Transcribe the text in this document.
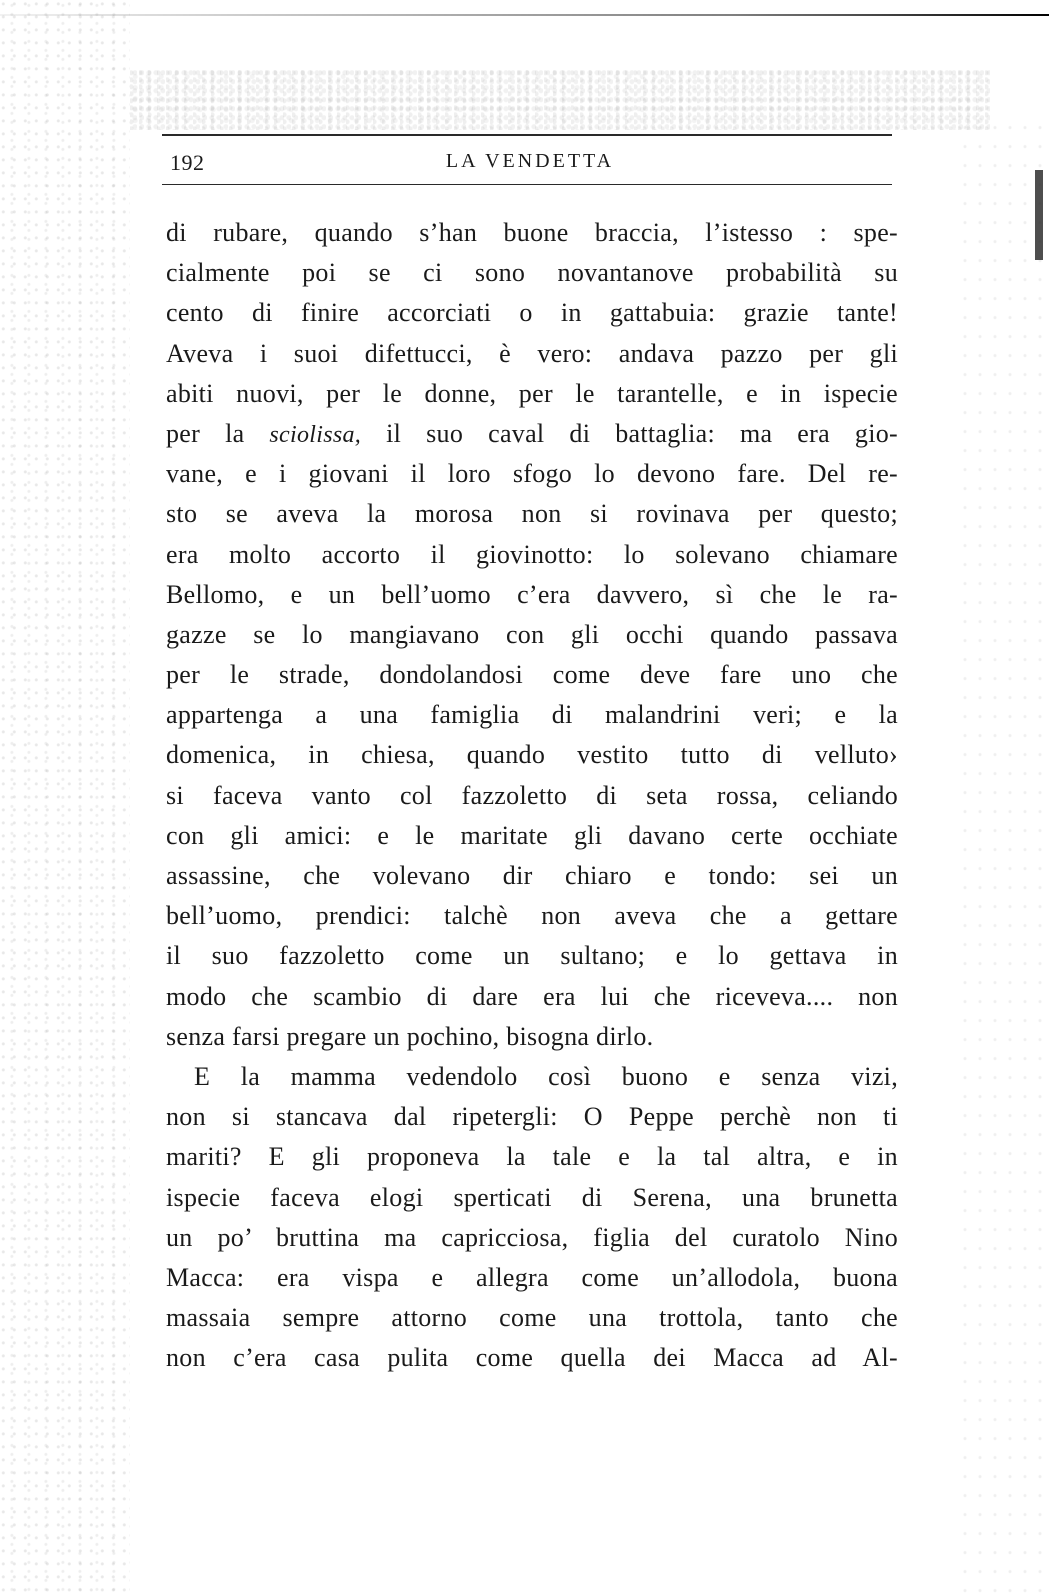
192	LA VENDETTA
di rubare, quando s’han buone braccia, l’istesso : spe-
cialmente poi se ci sono novantanove probabilità su
cento di finire accorciati o in gattabuia: grazie tante!
Aveva i suoi difettucci, è vero: andava pazzo per gli
abiti nuovi, per le donne, per le tarantelle, e in ispecie
per la sciolissa, il suo caval di battaglia: ma era gio-
vane, e i giovani il loro sfogo lo devono fare. Del re-
sto se aveva la morosa non si rovinava per questo;
era molto accorto il giovinotto: lo solevano chiamare
Bellomo, e un bell’uomo c’era davvero, sì che le ra-
gazze se lo mangiavano con gli occhi quando passava
per le strade, dondolandosi come deve fare uno che
appartenga a una famiglia di malandrini veri; e la
domenica, in chiesa, quando vestito tutto di velluto›
si faceva vanto col fazzoletto di seta rossa, celiando
con gli amici: e le maritate gli davano certe occhiate
assassine, che volevano dir chiaro e tondo: sei un
bell’uomo, prendici: talchè non aveva che a gettare
il suo fazzoletto come un sultano; e lo gettava in
modo che scambio di dare era lui che riceveva.... non
senza farsi pregare un pochino, bisogna dirlo.
E la mamma vedendolo così buono e senza vizi,
non si stancava dal ripetergli: O Peppe perchè non ti
mariti? E gli proponeva la tale e la tal altra, e in
ispecie faceva elogi sperticati di Serena, una brunetta
un po’ bruttina ma capricciosa, figlia del curatolo Nino
Macca: era vispa e allegra come un’allodola, buona
massaia sempre attorno come una trottola, tanto che
non c’era casa pulita come quella dei Macca ad Al-
